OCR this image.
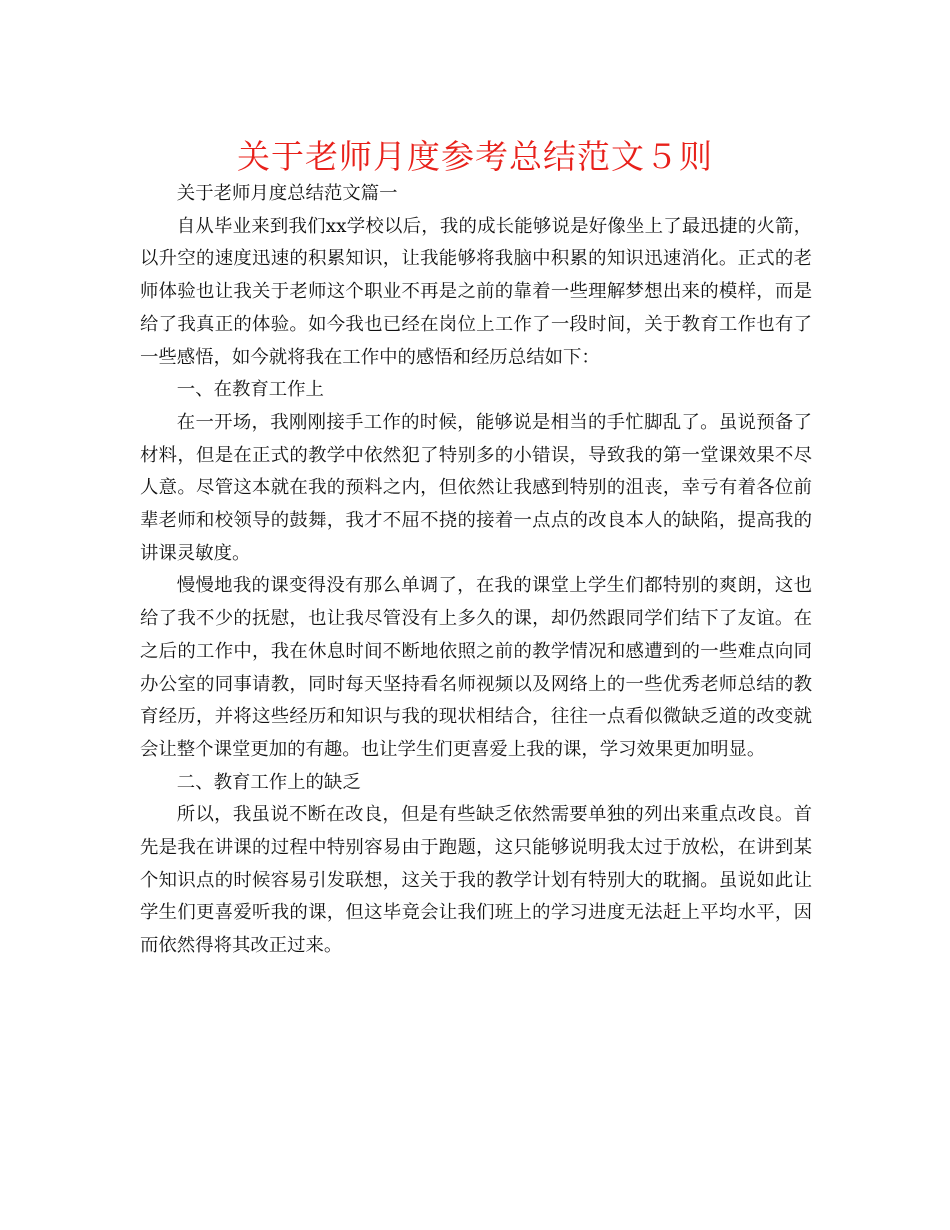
关于老师月度参考总结范文５则

关于老师月度总结范文篇一

自从毕业来到我们xx学校以后，我的成长能够说是好像坐上了最迅捷的火箭，以升空的速度迅速的积累知识，让我能够将我脑中积累的知识迅速消化。正式的老师体验也让我关于老师这个职业不再是之前的靠着一些理解梦想出来的模样，而是给了我真正的体验。如今我也已经在岗位上工作了一段时间，关于教育工作也有了一些感悟，如今就将我在工作中的感悟和经历总结如下：

一、在教育工作上

在一开场，我刚刚接手工作的时候，能够说是相当的手忙脚乱了。虽说预备了材料，但是在正式的教学中依然犯了特别多的小错误，导致我的第一堂课效果不尽人意。尽管这本就在我的预料之内，但依然让我感到特别的沮丧，幸亏有着各位前辈老师和校领导的鼓舞，我才不屈不挠的接着一点点的改良本人的缺陷，提高我的讲课灵敏度。

慢慢地我的课变得没有那么单调了，在我的课堂上学生们都特别的爽朗，这也给了我不少的抚慰，也让我尽管没有上多久的课，却仍然跟同学们结下了友谊。在之后的工作中，我在休息时间不断地依照之前的教学情况和感遭到的一些难点向同办公室的同事请教，同时每天坚持看名师视频以及网络上的一些优秀老师总结的教育经历，并将这些经历和知识与我的现状相结合，往往一点看似微缺乏道的改变就会让整个课堂更加的有趣。也让学生们更喜爱上我的课，学习效果更加明显。

二、教育工作上的缺乏

所以，我虽说不断在改良，但是有些缺乏依然需要单独的列出来重点改良。首先是我在讲课的过程中特别容易由于跑题，这只能够说明我太过于放松，在讲到某个知识点的时候容易引发联想，这关于我的教学计划有特别大的耽搁。虽说如此让学生们更喜爱听我的课，但这毕竟会让我们班上的学习进度无法赶上平均水平，因而依然得将其改正过来。
